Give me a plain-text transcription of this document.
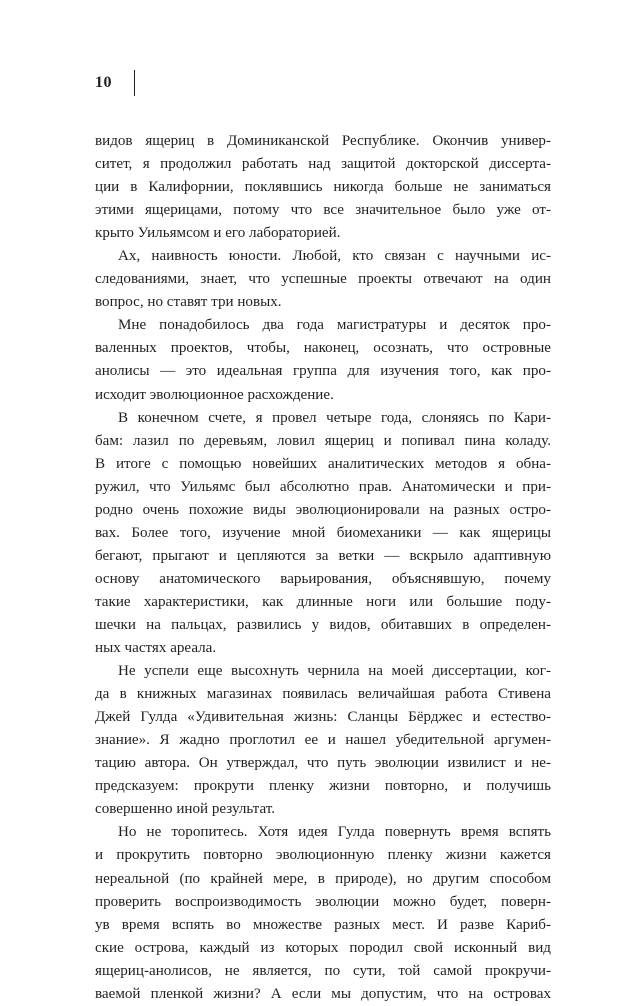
10
видов ящериц в Доминиканской Республике. Окончив универ-
ситет, я продолжил работать над защитой докторской диссерта-
ции в Калифорнии, поклявшись никогда больше не заниматься
этими ящерицами, потому что все значительное было уже от-
крыто Уильямсом и его лабораторией.
Ах, наивность юности. Любой, кто связан с научными ис-
следованиями, знает, что успешные проекты отвечают на один
вопрос, но ставят три новых.
Мне понадобилось два года магистратуры и десяток про-
валенных проектов, чтобы, наконец, осознать, что островные
анолисы — это идеальная группа для изучения того, как про-
исходит эволюционное расхождение.
В конечном счете, я провел четыре года, слоняясь по Кари-
бам: лазил по деревьям, ловил ящериц и попивал пина коладу.
В итоге с помощью новейших аналитических методов я обна-
ружил, что Уильямс был абсолютно прав. Анатомически и при-
родно очень похожие виды эволюционировали на разных остро-
вах. Более того, изучение мной биомеханики — как ящерицы
бегают, прыгают и цепляются за ветки — вскрыло адаптивную
основу анатомического варьирования, объяснявшую, почему
такие характеристики, как длинные ноги или большие поду-
шечки на пальцах, развились у видов, обитавших в определен-
ных частях ареала.
Не успели еще высохнуть чернила на моей диссертации, ког-
да в книжных магазинах появилась величайшая работа Стивена
Джей Гулда «Удивительная жизнь: Сланцы Бёрджес и естество-
знание». Я жадно проглотил ее и нашел убедительной аргумен-
тацию автора. Он утверждал, что путь эволюции извилист и не-
предсказуем: прокрути пленку жизни повторно, и получишь
совершенно иной результат.
Но не торопитесь. Хотя идея Гулда повернуть время вспять
и прокрутить повторно эволюционную пленку жизни кажется
нереальной (по крайней мере, в природе), но другим способом
проверить воспроизводимость эволюции можно будет, поверн-
ув время вспять во множестве разных мест. И разве Кариб-
ские острова, каждый из которых породил свой исконный вид
ящериц-анолисов, не является, по сути, той самой прокручи-
ваемой пленкой жизни? А если мы допустим, что на островах
